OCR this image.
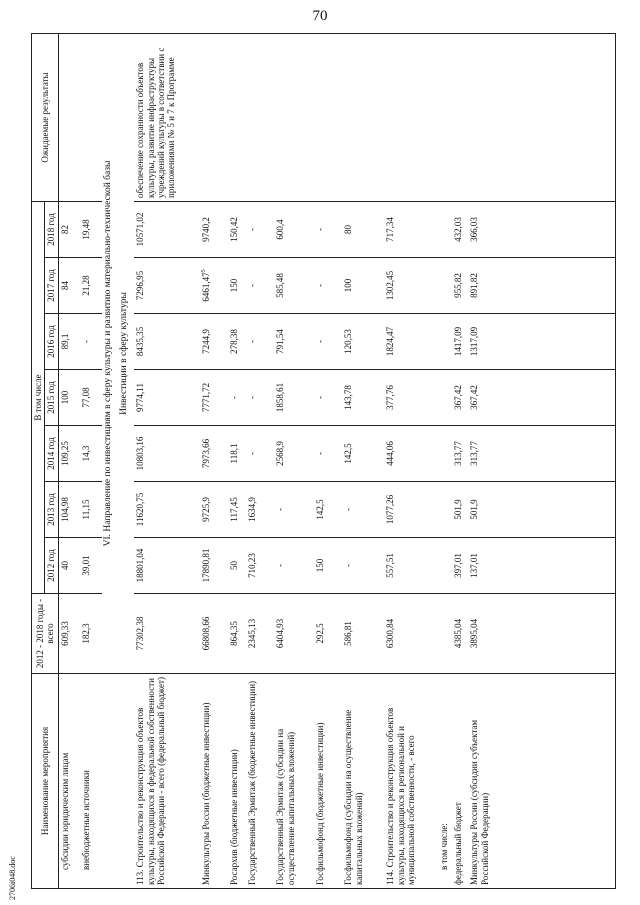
70
2706i048.doc
Наименование мероприятия	2012 - 2018 годы - всего	В том числе							Ожидаемые результаты
		2012 год	2013 год	2014 год	2015 год	2016 год	2017 год	2018 год	
субсидии юридическим лицам	609,33	40	104,98	109,25	100	89,1	84	82	
внебюджетные источники	182,3	39,01	11,15	14,3	77,08	-	21,28	19,48	
	VI. Направление по инвестициям в сферу культуры и развитию материально-технической базы								
	Инвестиции в сферу культуры								
113. Строительство и реконструкция объектов культуры, находящихся в федеральной собственности Российской Федерации - всего (федеральный бюджет)	77302,38	18801,04	11620,75	10803,16	9774,11	8435,35	7296,95	10571,02	обеспечение сохранности объектов культуры, развитие инфраструктуры учреждений культуры в соответствии с приложениями № 5 и 7 к Программе
Минкультуры России (бюджетные инвестиции)	66808,66	17890,81	9725,9	7973,66	7771,72	7244,9	6461,47$^5$	9740,2	
Росархив (бюджетные инвестиции)	864,35	50	117,45	118,1	-	278,38	150	150,42	
Государственный Эрмитаж (бюджетные инвестиции)	2345,13	710,23	1634,9	-	-	-	-	-	
Государственный Эрмитаж (субсидии на осуществление капитальных вложений)	6404,93	-	-	2568,9	1858,61	791,54	585,48	600,4	
Госфильмофонд (бюджетные инвестиции)	292,5	150	142,5	-	-	-	-	-	
Госфильмофонд (субсидии на осуществление капитальных вложений)	586,81	-	-	142,5	143,78	120,53	100	80	
114. Строительство и реконструкция объектов культуры, находящихся в региональной и муниципальной собственности, - всего	6300,84	557,51	1077,26	444,06	377,76	1824,47	1302,45	717,34	
в том числе:									
федеральный бюджет	4385,04	397,01	501,9	313,77	367,42	1417,09	955,82	432,03	
Минкультуры России (субсидии субъектам Российской Федерации)	3895,04	137,01	501,9	313,77	367,42	1317,09	891,82	366,03	
